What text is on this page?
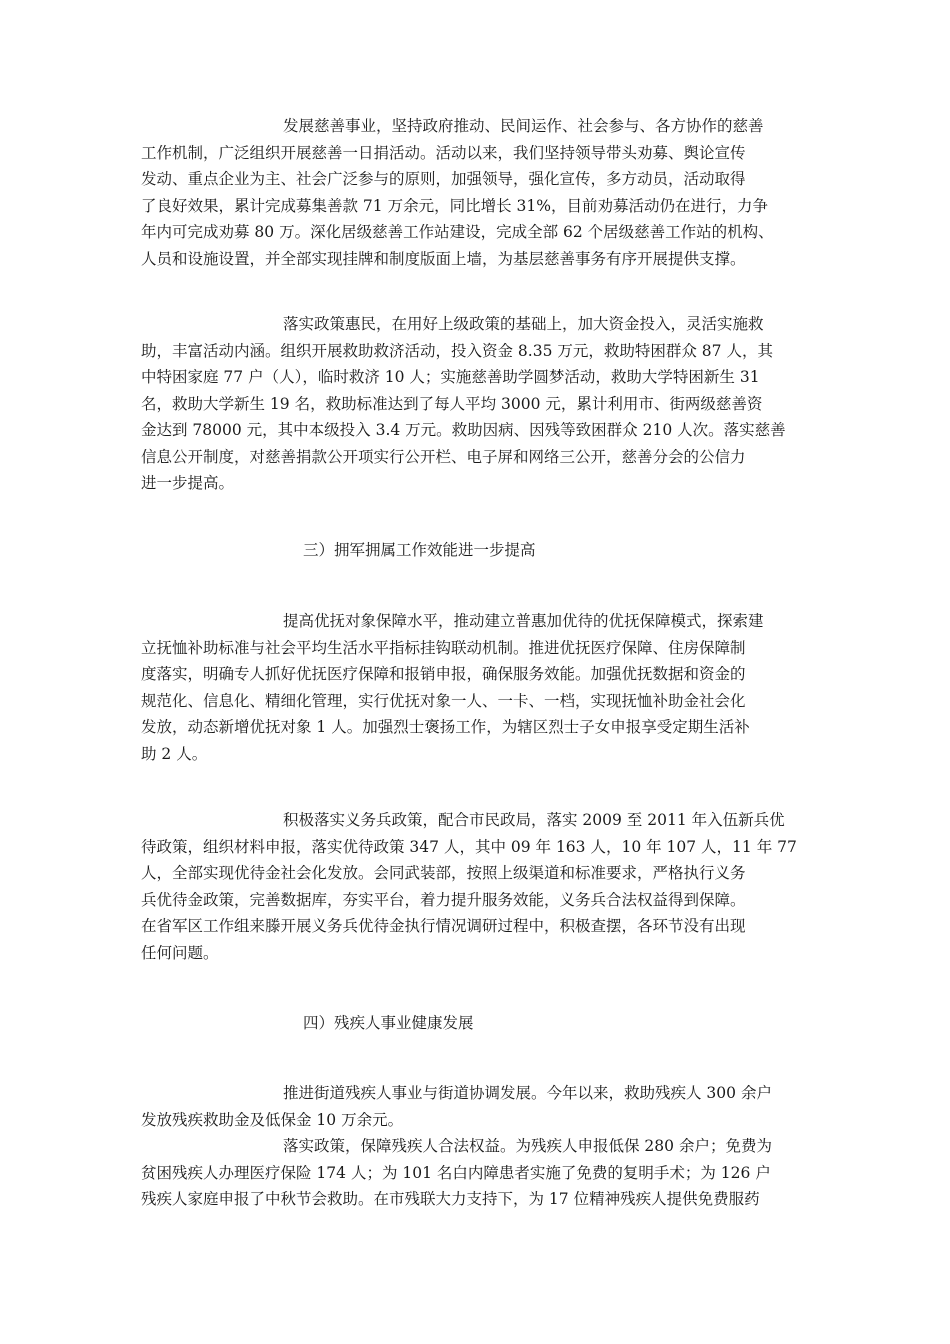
发展慈善事业，坚持政府推动、民间运作、社会参与、各方协作的慈善
工作机制，广泛组织开展慈善一日捐活动。活动以来，我们坚持领导带头劝募、舆论宣传
发动、重点企业为主、社会广泛参与的原则，加强领导，强化宣传，多方动员，活动取得
了良好效果，累计完成募集善款 71 万余元，同比增长 31%，目前劝募活动仍在进行，力争
年内可完成劝募 80 万。深化居级慈善工作站建设，完成全部 62 个居级慈善工作站的机构、
人员和设施设置，并全部实现挂牌和制度版面上墙，为基层慈善事务有序开展提供支撑。
落实政策惠民，在用好上级政策的基础上，加大资金投入，灵活实施救
助，丰富活动内涵。组织开展救助救济活动，投入资金 8.35 万元，救助特困群众 87 人，其
中特困家庭 77 户（人），临时救济 10 人；实施慈善助学圆梦活动，救助大学特困新生 31
名，救助大学新生 19 名，救助标准达到了每人平均 3000 元，累计利用市、街两级慈善资
金达到 78000 元，其中本级投入 3.4 万元。救助因病、因残等致困群众 210 人次。落实慈善
信息公开制度，对慈善捐款公开项实行公开栏、电子屏和网络三公开，慈善分会的公信力
进一步提高。
三）拥军拥属工作效能进一步提高
提高优抚对象保障水平，推动建立普惠加优待的优抚保障模式，探索建
立抚恤补助标准与社会平均生活水平指标挂钩联动机制。推进优抚医疗保障、住房保障制
度落实，明确专人抓好优抚医疗保障和报销申报，确保服务效能。加强优抚数据和资金的
规范化、信息化、精细化管理，实行优抚对象一人、一卡、一档，实现抚恤补助金社会化
发放，动态新增优抚对象 1 人。加强烈士褒扬工作，为辖区烈士子女申报享受定期生活补
助 2 人。
积极落实义务兵政策，配合市民政局，落实 2009 至 2011 年入伍新兵优
待政策，组织材料申报，落实优待政策 347 人，其中 09 年 163 人，10 年 107 人，11 年 77
人，全部实现优待金社会化发放。会同武装部，按照上级渠道和标准要求，严格执行义务
兵优待金政策，完善数据库，夯实平台，着力提升服务效能，义务兵合法权益得到保障。
在省军区工作组来滕开展义务兵优待金执行情况调研过程中，积极查摆，各环节没有出现
任何问题。
四）残疾人事业健康发展
推进街道残疾人事业与街道协调发展。今年以来，救助残疾人 300 余户
发放残疾救助金及低保金 10 万余元。
落实政策，保障残疾人合法权益。为残疾人申报低保 280 余户；免费为
贫困残疾人办理医疗保险 174 人；为 101 名白内障患者实施了免费的复明手术；为 126 户
残疾人家庭申报了中秋节会救助。在市残联大力支持下，为 17 位精神残疾人提供免费服药
